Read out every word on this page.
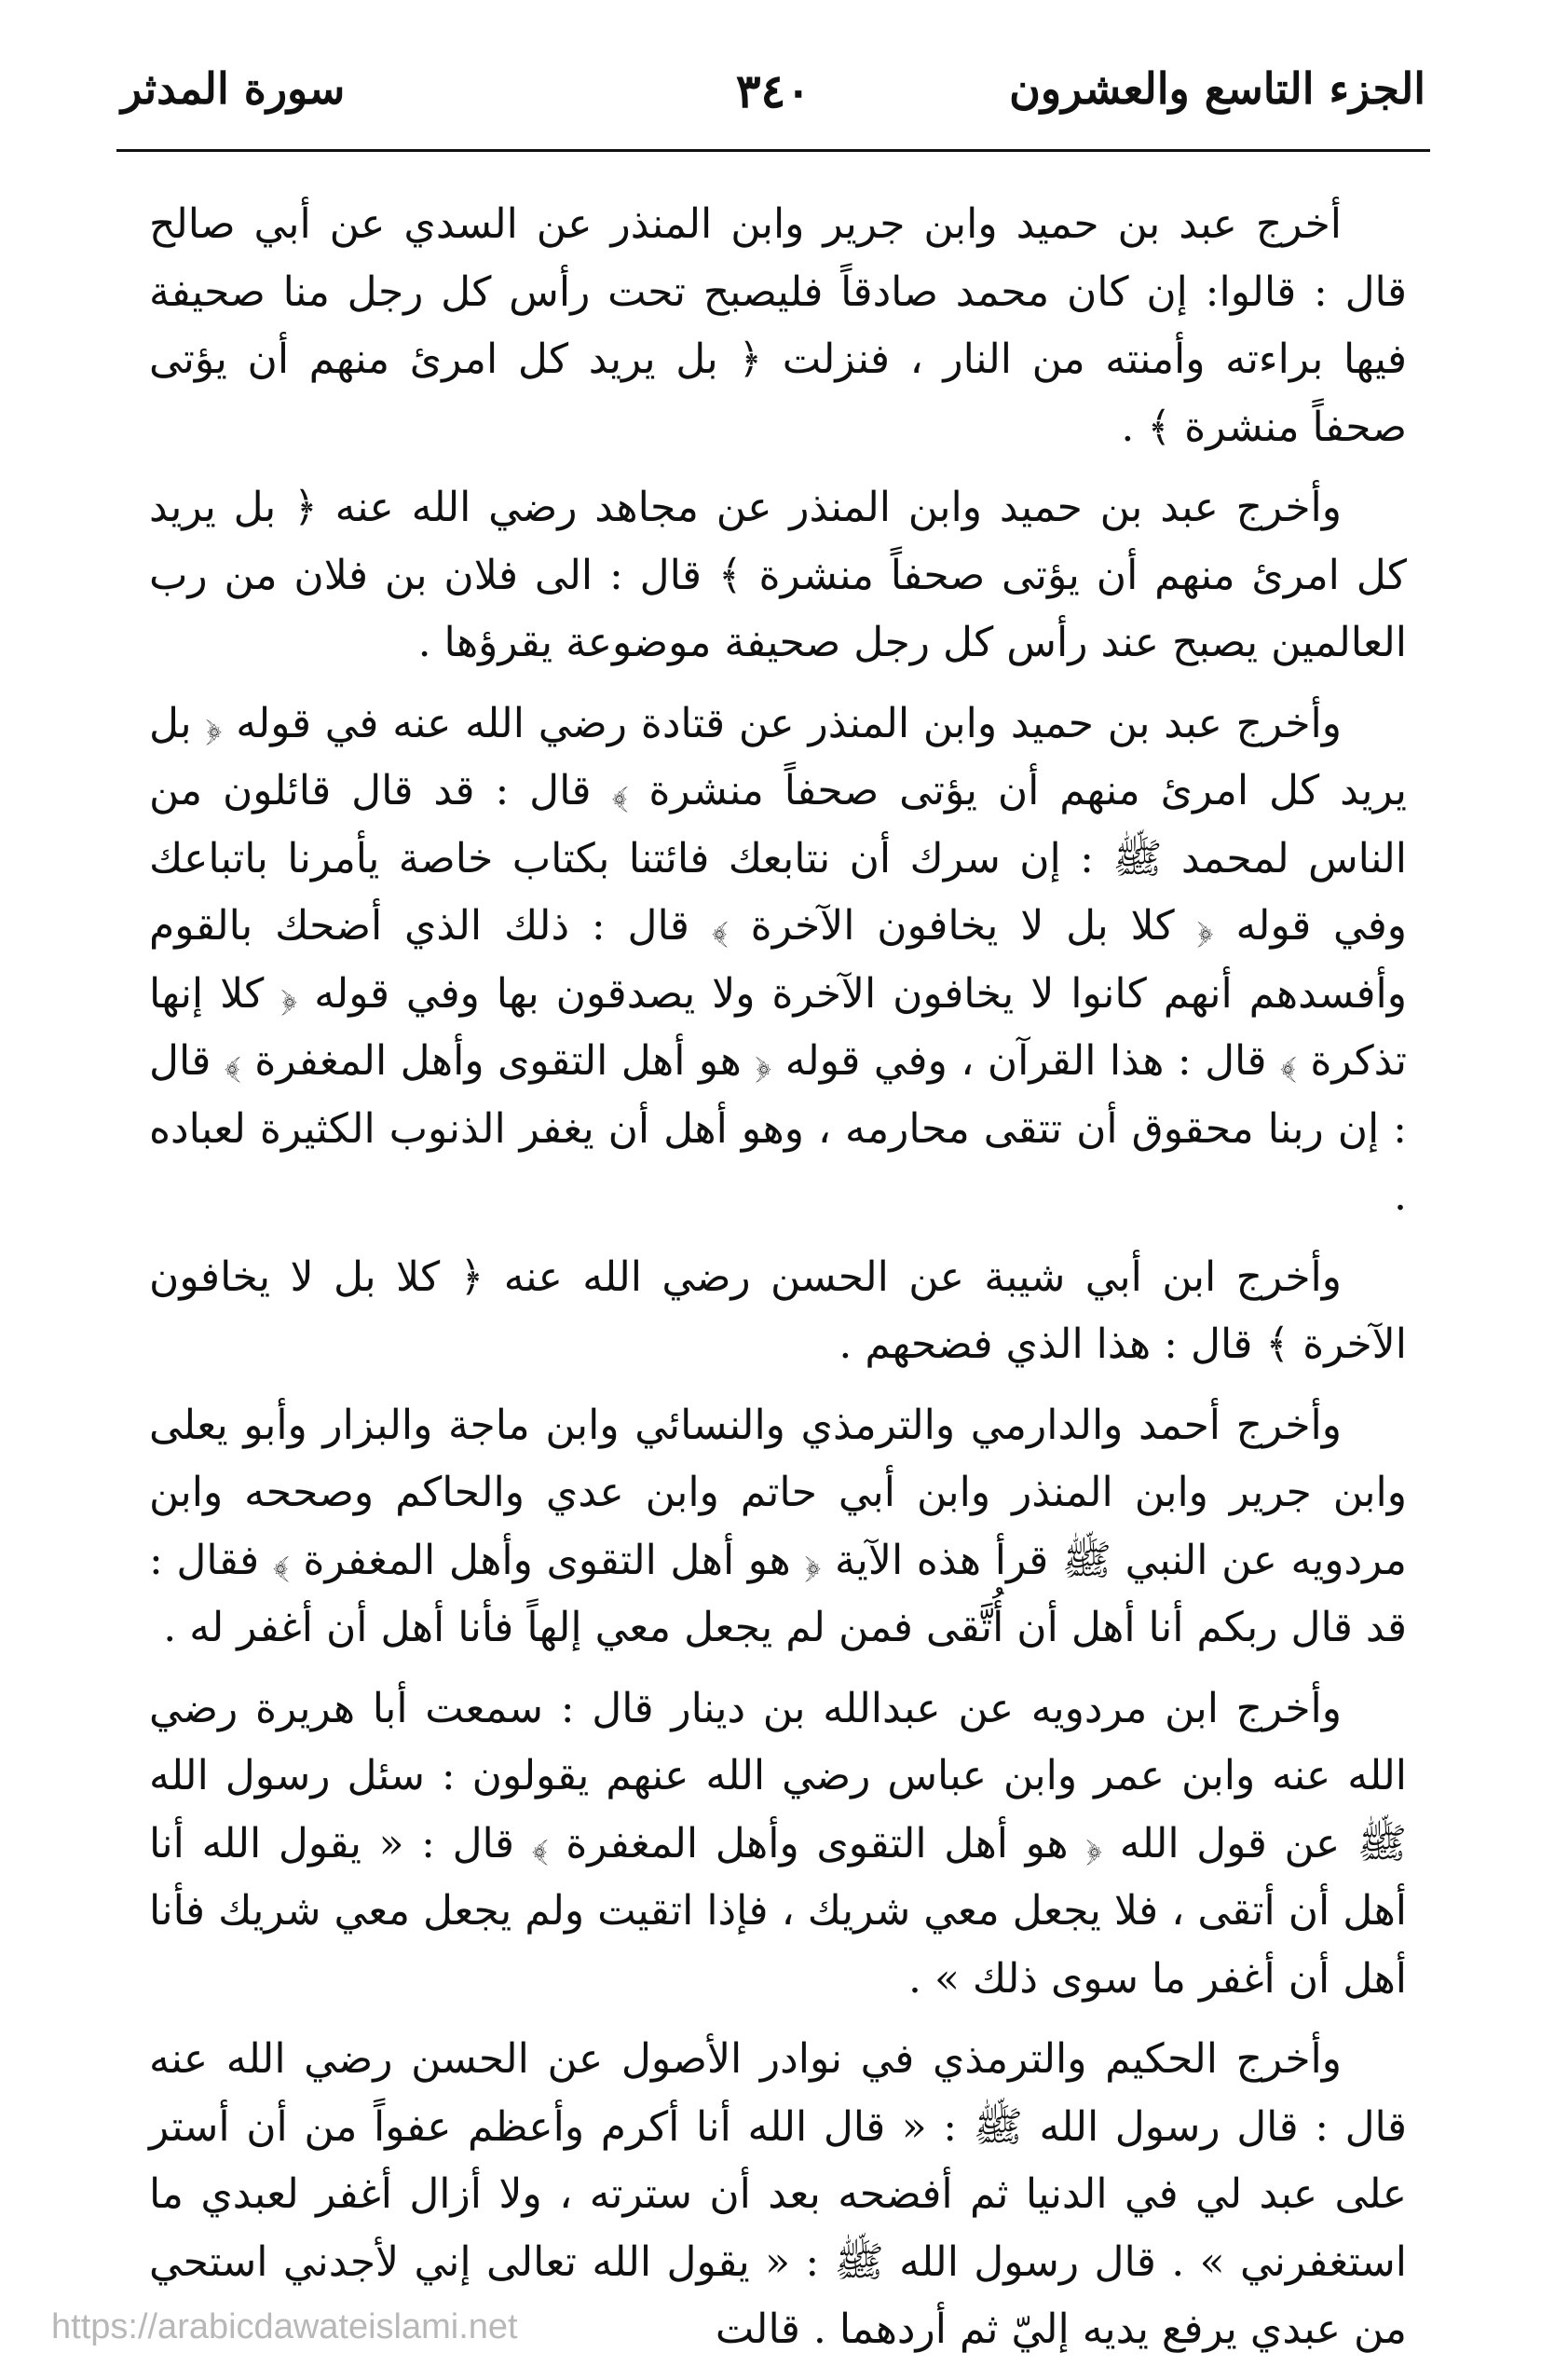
الجزء التاسع والعشرون
٣٤٠
سورة المدثر

أخرج عبد بن حميد وابن جرير وابن المنذر عن السدي عن أبي صالح قال : قالوا: إن كان محمد صادقاً فليصبح تحت رأس كل رجل منا صحيفة فيها براءته وأمنته من النار ، فنزلت ﴿ بل يريد كل امرئ منهم أن يؤتى صحفاً منشرة ﴾ .

وأخرج عبد بن حميد وابن المنذر عن مجاهد رضي الله عنه ﴿ بل يريد كل امرئ منهم أن يؤتى صحفاً منشرة ﴾ قال : الى فلان بن فلان من رب العالمين يصبح عند رأس كل رجل صحيفة موضوعة يقرؤها .

وأخرج عبد بن حميد وابن المنذر عن قتادة رضي الله عنه في قوله ﴿ بل يريد كل امرئ منهم أن يؤتى صحفاً منشرة ﴾ قال : قد قال قائلون من الناس لمحمد ﷺ : إن سرك أن نتابعك فائتنا بكتاب خاصة يأمرنا باتباعك وفي قوله ﴿ كلا بل لا يخافون الآخرة ﴾ قال : ذلك الذي أضحك بالقوم وأفسدهم أنهم كانوا لا يخافون الآخرة ولا يصدقون بها وفي قوله ﴿ كلا إنها تذكرة ﴾ قال : هذا القرآن ، وفي قوله ﴿ هو أهل التقوى وأهل المغفرة ﴾ قال : إن ربنا محقوق أن تتقى محارمه ، وهو أهل أن يغفر الذنوب الكثيرة لعباده .

وأخرج ابن أبي شيبة عن الحسن رضي الله عنه ﴿ كلا بل لا يخافون الآخرة ﴾ قال : هذا الذي فضحهم .

وأخرج أحمد والدارمي والترمذي والنسائي وابن ماجة والبزار وأبو يعلى وابن جرير وابن المنذر وابن أبي حاتم وابن عدي والحاكم وصححه وابن مردويه عن النبي ﷺ قرأ هذه الآية ﴿ هو أهل التقوى وأهل المغفرة ﴾ فقال : قد قال ربكم أنا أهل أن أُتَّقى فمن لم يجعل معي إلهاً فأنا أهل أن أغفر له .

وأخرج ابن مردويه عن عبدالله بن دينار قال : سمعت أبا هريرة رضي الله عنه وابن عمر وابن عباس رضي الله عنهم يقولون : سئل رسول الله ﷺ عن قول الله ﴿ هو أهل التقوى وأهل المغفرة ﴾ قال : « يقول الله أنا أهل أن أتقى ، فلا يجعل معي شريك ، فإذا اتقيت ولم يجعل معي شريك فأنا أهل أن أغفر ما سوى ذلك » .

وأخرج الحكيم والترمذي في نوادر الأصول عن الحسن رضي الله عنه قال : قال رسول الله ﷺ : « قال الله أنا أكرم وأعظم عفواً من أن أستر على عبد لي في الدنيا ثم أفضحه بعد أن سترته ، ولا أزال أغفر لعبدي ما استغفرني » . قال رسول الله ﷺ : « يقول الله تعالى إني لأجدني استحي من عبدي يرفع يديه إليّ ثم أردهما . قالت

https://arabicdawateislami.net
